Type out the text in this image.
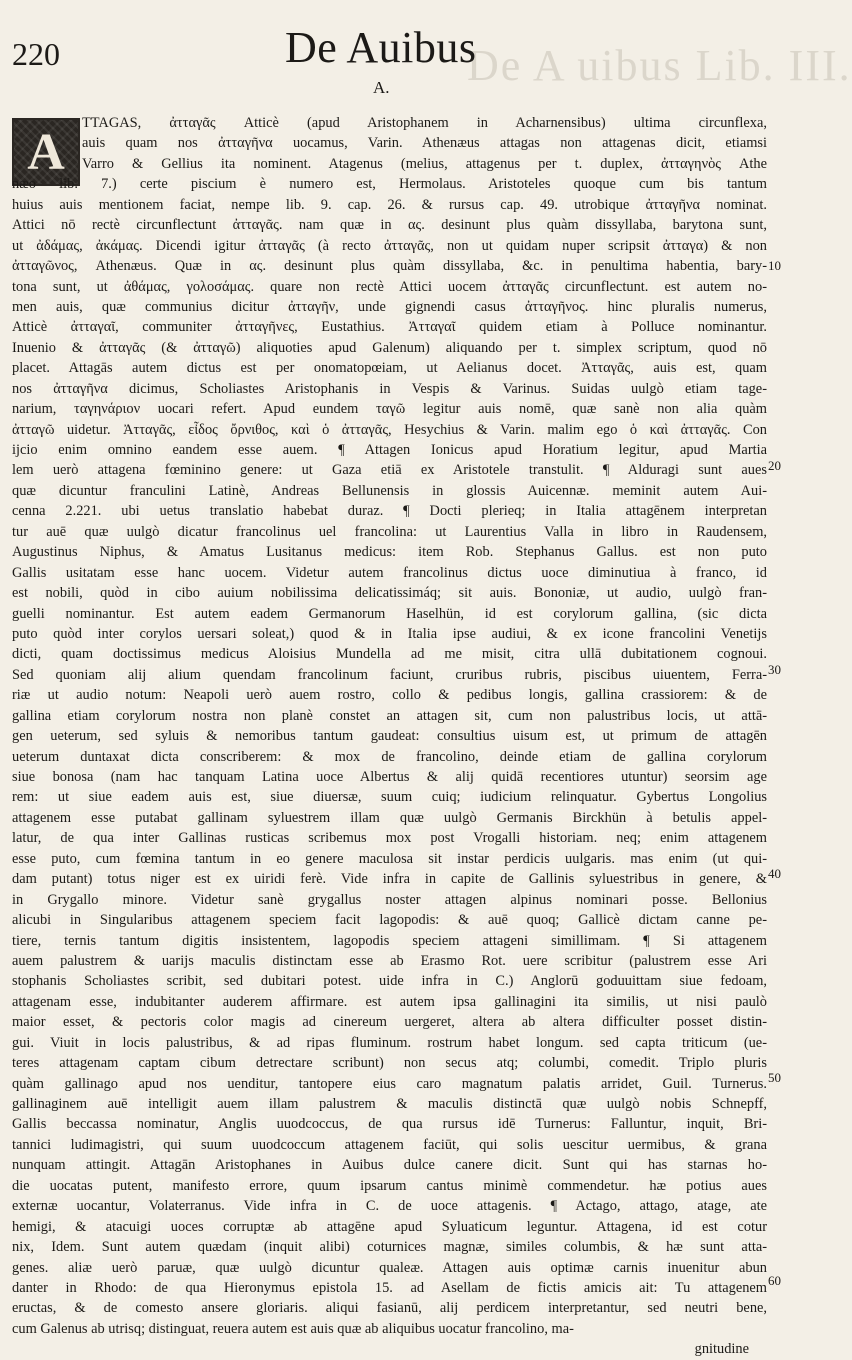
De A uibus Lib. III.
220	De Auibus
A.
A
TTAGAS, ἀτταγᾶς Atticè (apud Aristophanem in Acharnensibus) ultima circunflexa,
auis quam nos ἀτταγῆνα uocamus, Varin. Athenæus attagas non attagenas dicit, etiamsi
Varro & Gellius ita nominent. Atagenus (melius, attagenus per t. duplex, ἀτταγηνὸς Athe
næo lib. 7.) certe piscium è numero est, Hermolaus. Aristoteles quoque cum bis tantum
huius auis mentionem faciat, nempe lib. 9. cap. 26. & rursus cap. 49. utrobique ἀτταγῆνα nominat.
Attici nō rectè circunflectunt ἀτταγᾶς. nam quæ in ας. desinunt plus quàm dissyllaba, barytona sunt,
ut ἀδάμας, ἀκάμας. Dicendi igitur ἀτταγᾶς (à recto ἀτταγᾶς, non ut quidam nuper scripsit ἀτταγα) & non
ἀτταγῶνος, Athenæus. Quæ in ας. desinunt plus quàm dissyllaba, &c. in penultima habentia, bary-
tona sunt, ut ἀθάμας, γολοσάμας. quare non rectè Attici uocem ἀτταγᾶς circunflectunt. est autem no-
men auis, quæ communius dicitur ἀτταγῆν, unde gignendi casus ἀτταγῆνος. hinc pluralis numerus,
Atticè ἀτταγαῖ, communiter ἀτταγῆνες, Eustathius. Ἀτταγαῖ quidem etiam à Polluce nominantur.
Inuenio & ἀτταγᾶς (& ἀτταγῶ) aliquoties apud Galenum) aliquando per t. simplex scriptum, quod nō
placet. Attagās autem dictus est per onomatopœiam, ut Aelianus docet. Ἀτταγᾶς, auis est, quam
nos ἀτταγῆνα dicimus, Scholiastes Aristophanis in Vespis & Varinus. Suidas uulgò etiam tage-
narium, ταγηνάριον uocari refert. Apud eundem ταγῶ legitur auis nomē, quæ sanè non alia quàm
ἀτταγῶ uidetur. Ἀτταγᾶς, εἶδος ὄρνιθος, καὶ ὁ ἀτταγᾶς, Hesychius & Varin. malim ego ὁ καὶ ἀτταγᾶς. Con
ijcio enim omnino eandem esse auem. ¶ Attagen Ionicus apud Horatium legitur, apud Martia
lem uerò attagena fœminino genere: ut Gaza etiā ex Aristotele transtulit. ¶ Alduragi sunt aues
quæ dicuntur franculini Latinè, Andreas Bellunensis in glossis Auicennæ. meminit autem Aui-
cenna 2.221. ubi uetus translatio habebat duraz. ¶ Docti plerieq; in Italia attagēnem interpretan
tur auē quæ uulgò dicatur francolinus uel francolina: ut Laurentius Valla in libro in Raudensem,
Augustinus Niphus, & Amatus Lusitanus medicus: item Rob. Stephanus Gallus. est non puto
Gallis usitatam esse hanc uocem. Videtur autem francolinus dictus uoce diminutiua à franco, id
est nobili, quòd in cibo auium nobilissima delicatissimáq; sit auis. Bononiæ, ut audio, uulgò fran-
guelli nominantur. Est autem eadem Germanorum Haselhün, id est corylorum gallina, (sic dicta
puto quòd inter corylos uersari soleat,) quod & in Italia ipse audiui, & ex icone francolini Venetijs
dicti, quam doctissimus medicus Aloisius Mundella ad me misit, citra ullā dubitationem cognoui.
Sed quoniam alij alium quendam francolinum faciunt, cruribus rubris, piscibus uiuentem, Ferra-
riæ ut audio notum: Neapoli uerò auem rostro, collo & pedibus longis, gallina crassiorem: & de
gallina etiam corylorum nostra non planè constet an attagen sit, cum non palustribus locis, ut attā-
gen ueterum, sed syluis & nemoribus tantum gaudeat: consultius uisum est, ut primum de attagēn
ueterum duntaxat dicta conscriberem: & mox de francolino, deinde etiam de gallina corylorum
siue bonosa (nam hac tanquam Latina uoce Albertus & alij quidā recentiores utuntur) seorsim age
rem: ut siue eadem auis est, siue diuersæ, suum cuiq; iudicium relinquatur. Gybertus Longolius
attagenem esse putabat gallinam syluestrem illam quæ uulgò Germanis Birckhün à betulis appel-
latur, de qua inter Gallinas rusticas scribemus mox post Vrogalli historiam. neq; enim attagenem
esse puto, cum fœmina tantum in eo genere maculosa sit instar perdicis uulgaris. mas enim (ut qui-
dam putant) totus niger est ex uiridi ferè. Vide infra in capite de Gallinis syluestribus in genere, &
in Grygallo minore. Videtur sanè grygallus noster attagen alpinus nominari posse. Bellonius
alicubi in Singularibus attagenem speciem facit lagopodis: & auē quoq; Gallicè dictam canne pe-
tiere, ternis tantum digitis insistentem, lagopodis speciem attageni simillimam. ¶ Si attagenem
auem palustrem & uarijs maculis distinctam esse ab Erasmo Rot. uere scribitur (palustrem esse Ari
stophanis Scholiastes scribit, sed dubitari potest. uide infra in C.) Anglorū goduuittam siue fedoam,
attagenam esse, indubitanter auderem affirmare. est autem ipsa gallinagini ita similis, ut nisi paulò
maior esset, & pectoris color magis ad cinereum uergeret, altera ab altera difficulter posset distin-
gui. Viuit in locis palustribus, & ad ripas fluminum. rostrum habet longum. sed capta triticum (ue-
teres attagenam captam cibum detrectare scribunt) non secus atq; columbi, comedit. Triplo pluris
quàm gallinago apud nos uenditur, tantopere eius caro magnatum palatis arridet, Guil. Turnerus.
gallinaginem auē intelligit auem illam palustrem & maculis distinctā quæ uulgò nobis Schnepff,
Gallis beccassa nominatur, Anglis uuodcoccus, de qua rursus idē Turnerus: Falluntur, inquit, Bri-
tannici ludimagistri, qui suum uuodcoccum attagenem faciūt, qui solis uescitur uermibus, & grana
nunquam attingit. Attagān Aristophanes in Auibus dulce canere dicit. Sunt qui has starnas ho-
die uocatas putent, manifesto errore, quum ipsarum cantus minimè commendetur. hæ potius aues
externæ uocantur, Volaterranus. Vide infra in C. de uoce attagenis. ¶ Actago, attago, atage, ate
hemigi, & atacuigi uoces corruptæ ab attagēne apud Syluaticum leguntur. Attagena, id est cotur
nix, Idem. Sunt autem quædam (inquit alibi) coturnices magnæ, similes columbis, & hæ sunt atta-
genes. aliæ uerò paruæ, quæ uulgò dicuntur qualeæ. Attagen auis optimæ carnis inuenitur abun
danter in Rhodo: de qua Hieronymus epistola 15. ad Asellam de fictis amicis ait: Tu attagenem
eructas, & de comesto ansere gloriaris. aliqui fasianū, alij perdicem interpretantur, sed neutri bene,
cum Galenus ab utrisq; distinguat, reuera autem est auis quæ ab aliquibus uocatur francolino, ma-
gnitudine
10
20
30
40
50
60
